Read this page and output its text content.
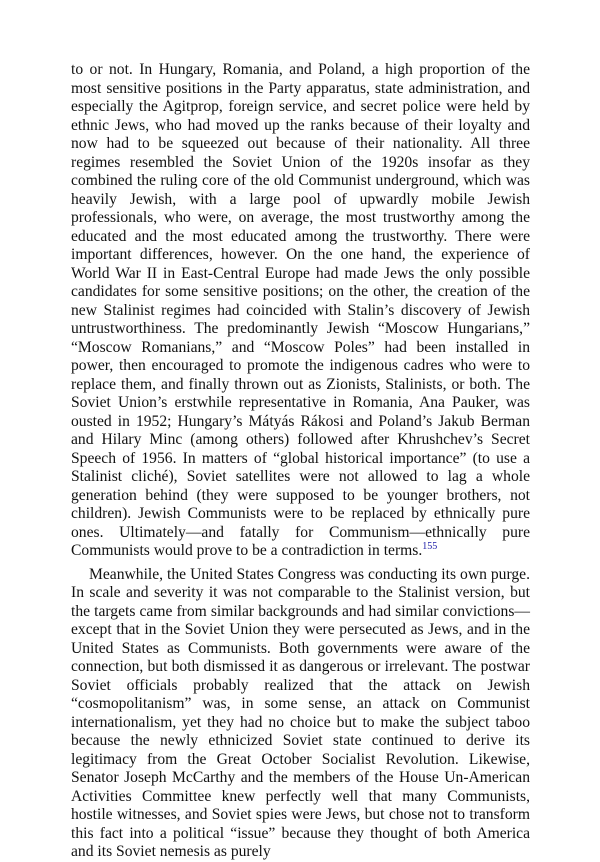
to or not. In Hungary, Romania, and Poland, a high proportion of the most sensitive positions in the Party apparatus, state administration, and especially the Agitprop, foreign service, and secret police were held by ethnic Jews, who had moved up the ranks because of their loyalty and now had to be squeezed out because of their nationality. All three regimes resembled the Soviet Union of the 1920s insofar as they combined the ruling core of the old Communist underground, which was heavily Jewish, with a large pool of upwardly mobile Jewish professionals, who were, on average, the most trustworthy among the educated and the most educated among the trustworthy. There were important differences, however. On the one hand, the experience of World War II in East-Central Europe had made Jews the only possible candidates for some sensitive positions; on the other, the creation of the new Stalinist regimes had coincided with Stalin’s discovery of Jewish untrustworthiness. The predominantly Jewish “Moscow Hungarians,” “Moscow Romanians,” and “Moscow Poles” had been installed in power, then encouraged to promote the indigenous cadres who were to replace them, and finally thrown out as Zionists, Stalinists, or both. The Soviet Union’s erstwhile representative in Romania, Ana Pauker, was ousted in 1952; Hungary’s Mátyás Rákosi and Poland’s Jakub Berman and Hilary Minc (among others) followed after Khrushchev’s Secret Speech of 1956. In matters of “global historical importance” (to use a Stalinist cliché), Soviet satellites were not allowed to lag a whole generation behind (they were supposed to be younger brothers, not children). Jewish Communists were to be replaced by ethnically pure ones. Ultimately—and fatally for Communism—ethnically pure Communists would prove to be a contradiction in terms.$^{155}$

Meanwhile, the United States Congress was conducting its own purge. In scale and severity it was not comparable to the Stalinist version, but the targets came from similar backgrounds and had similar convictions—except that in the Soviet Union they were persecuted as Jews, and in the United States as Communists. Both governments were aware of the connection, but both dismissed it as dangerous or irrelevant. The postwar Soviet officials probably realized that the attack on Jewish “cosmopolitanism” was, in some sense, an attack on Communist internationalism, yet they had no choice but to make the subject taboo because the newly ethnicized Soviet state continued to derive its legitimacy from the Great October Socialist Revolution. Likewise, Senator Joseph McCarthy and the members of the House Un-American Activities Committee knew perfectly well that many Communists, hostile witnesses, and Soviet spies were Jews, but chose not to transform this fact into a political “issue” because they thought of both America and its Soviet nemesis as purely
